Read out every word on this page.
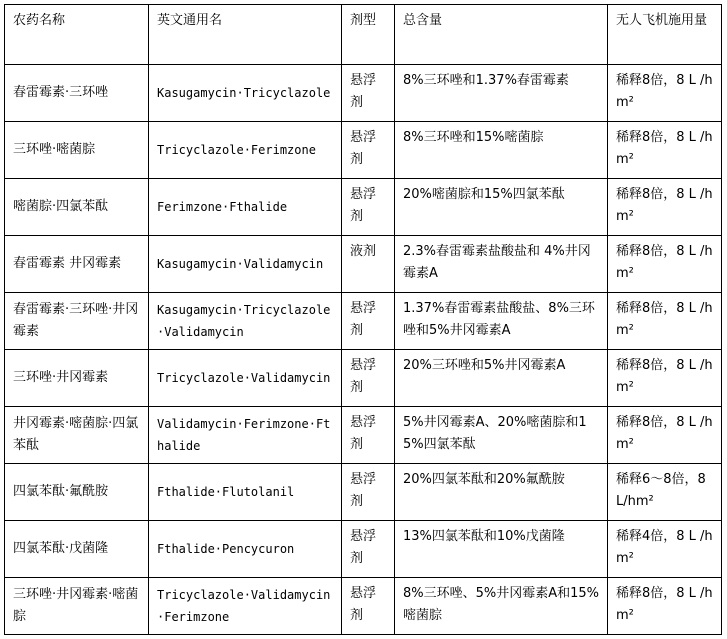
农药名称	英文通用名	剂型	总含量	无人飞机施用量
春雷霉素·三环唑	Kasugamycin·Tricyclazole	悬浮剂	8%三环唑和1.37%春雷霉素	稀释8倍，8 L /hm²
三环唑·嘧菌腙	Tricyclazole·Ferimzone	悬浮剂	8%三环唑和15%嘧菌腙	稀释8倍，8 L /hm²
嘧菌腙·四氯苯酞	Ferimzone·Fthalide	悬浮剂	20%嘧菌腙和15%四氯苯酞	稀释8倍，8 L /hm²
春雷霉素 井冈霉素	Kasugamycin·Validamycin	液剂	2.3%春雷霉素盐酸盐和 4%井冈霉素A	稀释8倍，8 L /hm²
春雷霉素·三环唑·井冈霉素	Kasugamycin·Tricyclazole·Validamycin	悬浮剂	1.37%春雷霉素盐酸盐、8%三环唑和5%井冈霉素A	稀释8倍，8 L /hm²
三环唑·井冈霉素	Tricyclazole·Validamycin	悬浮剂	20%三环唑和5%井冈霉素A	稀释8倍，8 L /hm²
井冈霉素·嘧菌腙·四氯苯酞	Validamycin·Ferimzone·Fthalide	悬浮剂	5%井冈霉素A、20%嘧菌腙和15%四氯苯酞	稀释8倍，8 L /hm²
四氯苯酞·氟酰胺	Fthalide·Flutolanil	悬浮剂	20%四氯苯酞和20%氟酰胺	稀释6～8倍，8 L/hm²
四氯苯酞·戊菌隆	Fthalide·Pencycuron	悬浮剂	13%四氯苯酞和10%戊菌隆	稀释4倍，8 L /hm²
三环唑·井冈霉素·嘧菌腙	Tricyclazole·Validamycin·Ferimzone	悬浮剂	8%三环唑、5%井冈霉素A和15%嘧菌腙	稀释8倍，8 L /hm²
